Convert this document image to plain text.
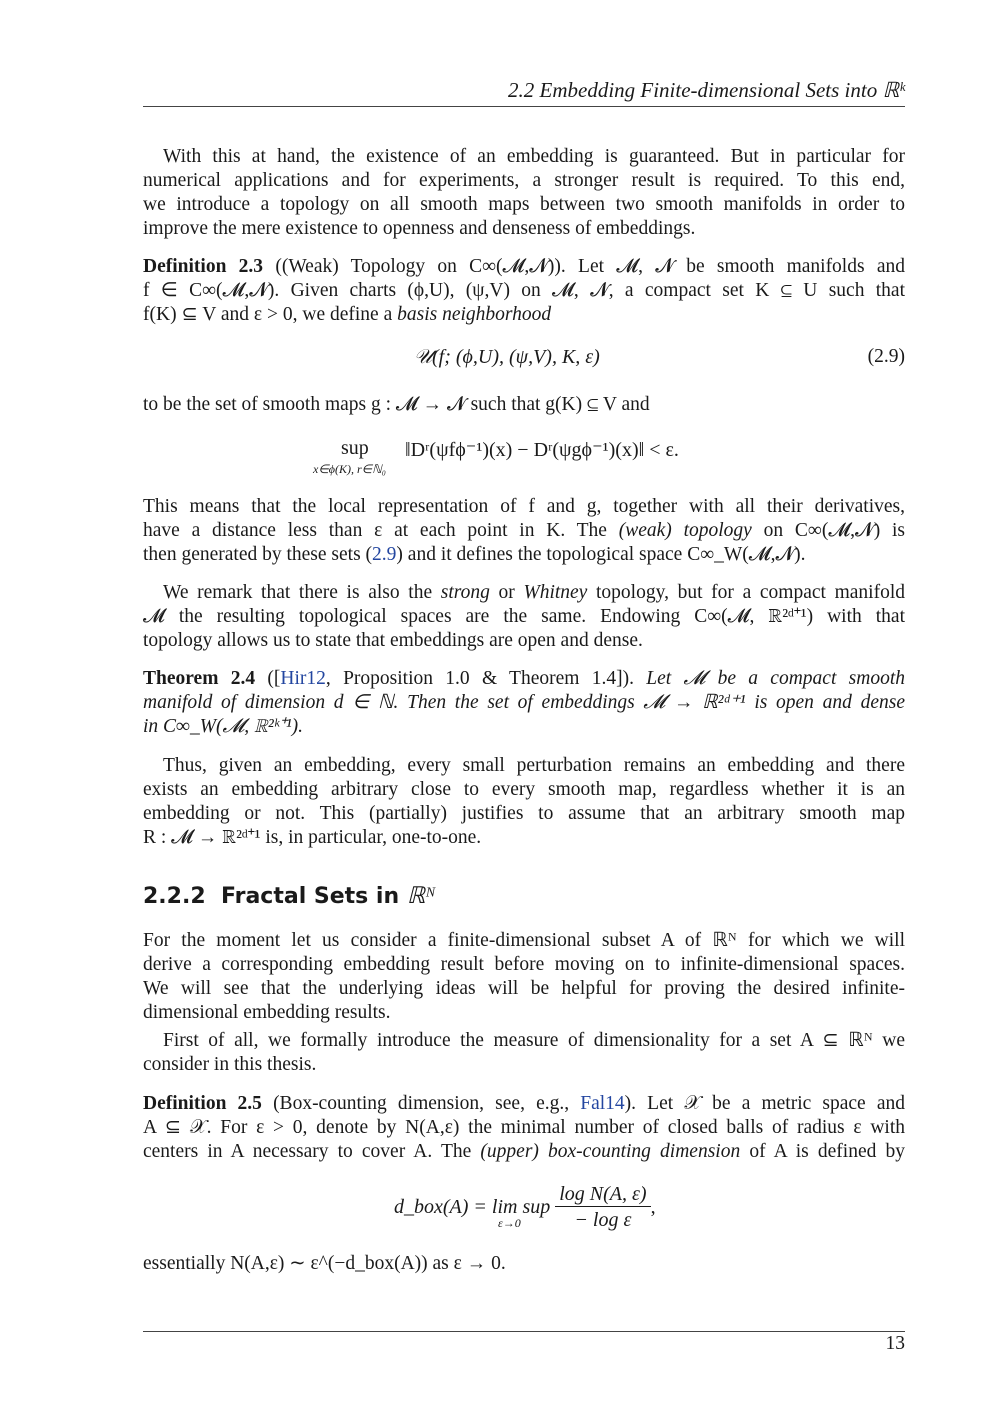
2.2 Embedding Finite-dimensional Sets into ℝᵏ
With this at hand, the existence of an embedding is guaranteed. But in particular for
numerical applications and for experiments, a stronger result is required. To this end,
we introduce a topology on all smooth maps between two smooth manifolds in order to
improve the mere existence to openness and denseness of embeddings.
Definition 2.3 ((Weak) Topology on C∞(𝓜,𝓝)). Let 𝓜, 𝓝 be smooth manifolds and
f ∈ C∞(𝓜,𝓝). Given charts (ϕ,U), (ψ,V) on 𝓜, 𝓝, a compact set K ⊆ U such that
f(K) ⊆ V and ε > 0, we define a basis neighborhood
𝒰(f; (ϕ,U), (ψ,V), K, ε)	(2.9)
to be the set of smooth maps g : 𝓜 → 𝓝 such that g(K) ⊆ V and
sup
x∈ϕ(K), r∈ℕ₀
‖Dʳ(ψfϕ⁻¹)(x) − Dʳ(ψgϕ⁻¹)(x)‖ < ε.
This means that the local representation of f and g, together with all their derivatives,
have a distance less than ε at each point in K. The (weak) topology on C∞(𝓜,𝓝) is
then generated by these sets (2.9) and it defines the topological space C∞_W(𝓜,𝓝).
We remark that there is also the strong or Whitney topology, but for a compact manifold
𝓜 the resulting topological spaces are the same. Endowing C∞(𝓜, ℝ²ᵈ⁺¹) with that
topology allows us to state that embeddings are open and dense.
Theorem 2.4 ([Hir12, Proposition 1.0 & Theorem 1.4]). Let 𝓜 be a compact smooth
manifold of dimension d ∈ ℕ. Then the set of embeddings 𝓜 → ℝ²ᵈ⁺¹ is open and dense
in C∞_W(𝓜, ℝ²ᵏ⁺¹).
Thus, given an embedding, every small perturbation remains an embedding and there
exists an embedding arbitrary close to every smooth map, regardless whether it is an
embedding or not. This (partially) justifies to assume that an arbitrary smooth map
R : 𝓜 → ℝ²ᵈ⁺¹ is, in particular, one-to-one.
2.2.2 Fractal Sets in ℝᴺ
For the moment let us consider a finite-dimensional subset A of ℝᴺ for which we will
derive a corresponding embedding result before moving on to infinite-dimensional spaces.
We will see that the underlying ideas will be helpful for proving the desired infinite-
dimensional embedding results.
First of all, we formally introduce the measure of dimensionality for a set A ⊆ ℝᴺ we
consider in this thesis.
Definition 2.5 (Box-counting dimension, see, e.g., Fal14). Let 𝒳 be a metric space and
A ⊆ 𝒳. For ε > 0, denote by N(A,ε) the minimal number of closed balls of radius ε with
centers in A necessary to cover A. The (upper) box-counting dimension of A is defined by
d_box(A) = lim sup $\frac{\text{log N(A, ε)}}{\text{− log ε}}$ ,
ε→0
essentially N(A,ε) ∼ ε^(−d_box(A)) as ε → 0.
13
